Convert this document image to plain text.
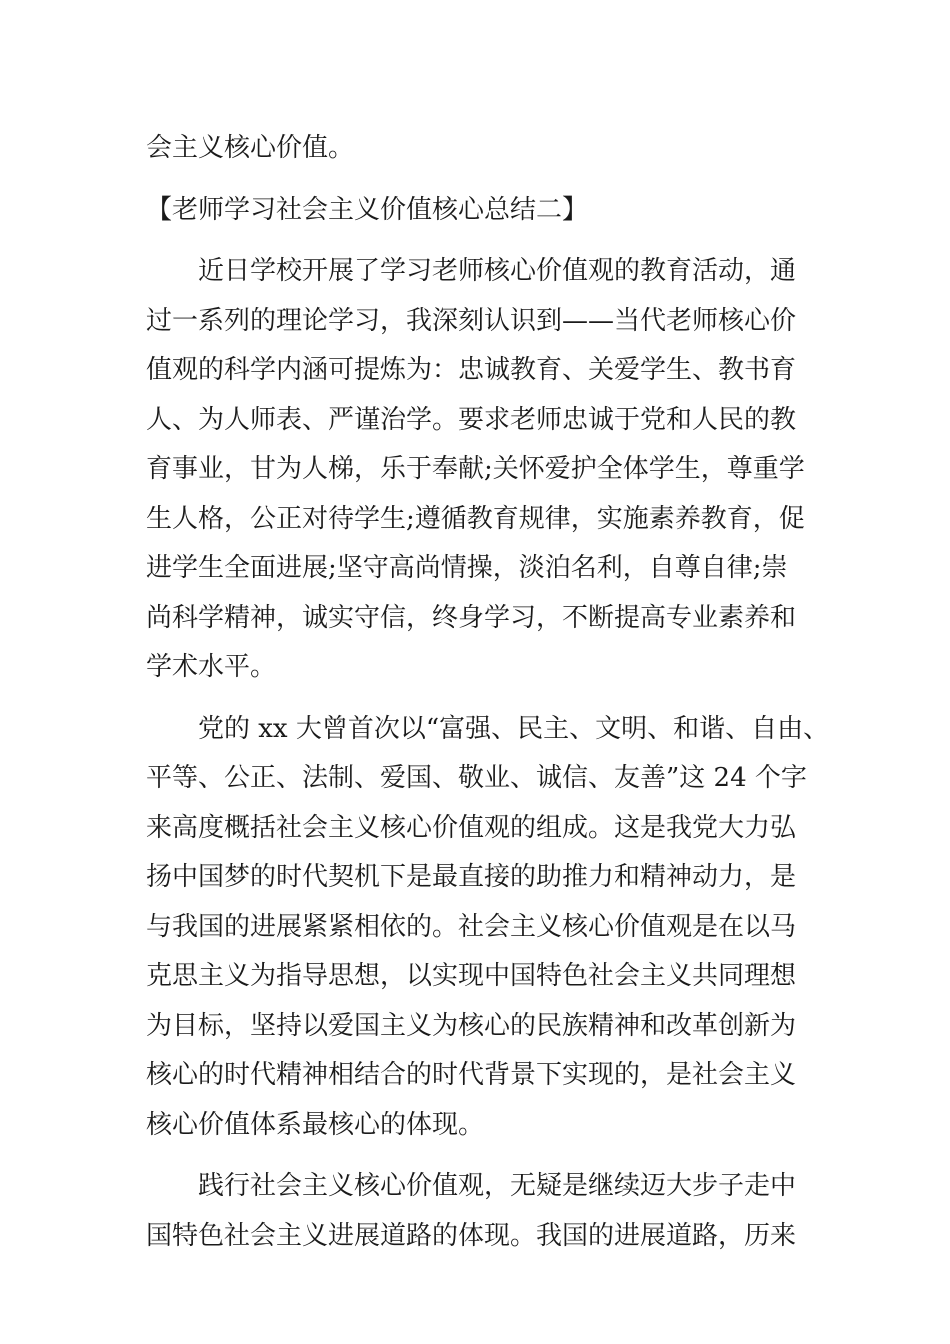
会主义核心价值。
【老师学习社会主义价值核心总结二】
近日学校开展了学习老师核心价值观的教育活动，通
过一系列的理论学习，我深刻认识到——当代老师核心价
值观的科学内涵可提炼为：忠诚教育、关爱学生、教书育
人、为人师表、严谨治学。要求老师忠诚于党和人民的教
育事业，甘为人梯，乐于奉献;关怀爱护全体学生，尊重学
生人格，公正对待学生;遵循教育规律，实施素养教育，促
进学生全面进展;坚守高尚情操，淡泊名利，自尊自律;崇
尚科学精神，诚实守信，终身学习，不断提高专业素养和
学术水平。
党的 xx 大曾首次以“富强、民主、文明、和谐、自由、
平等、公正、法制、爱国、敬业、诚信、友善”这 24 个字
来高度概括社会主义核心价值观的组成。这是我党大力弘
扬中国梦的时代契机下是最直接的助推力和精神动力，是
与我国的进展紧紧相依的。社会主义核心价值观是在以马
克思主义为指导思想，以实现中国特色社会主义共同理想
为目标，坚持以爱国主义为核心的民族精神和改革创新为
核心的时代精神相结合的时代背景下实现的，是社会主义
核心价值体系最核心的体现。
践行社会主义核心价值观，无疑是继续迈大步子走中
国特色社会主义进展道路的体现。我国的进展道路，历来
